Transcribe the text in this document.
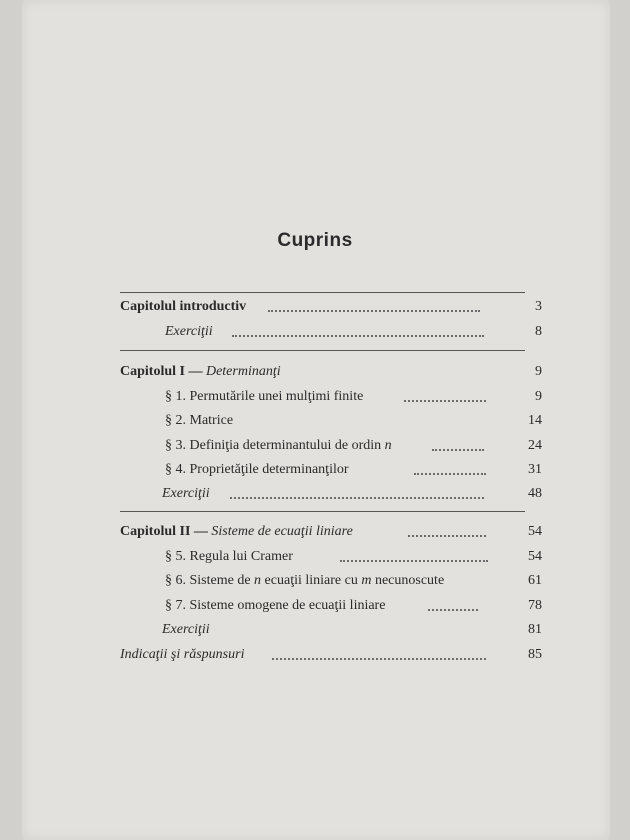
Cuprins
Capitolul introductiv	3
Exerciţii	8
Capitolul I — Determinanţi	9
§ 1. Permutările unei mulţimi finite	9
§ 2. Matrice	14
§ 3. Definiţia determinantului de ordin n	24
§ 4. Proprietăţile determinanţilor	31
Exerciţii	48
Capitolul II — Sisteme de ecuaţii liniare	54
§ 5. Regula lui Cramer	54
§ 6. Sisteme de n ecuaţii liniare cu m necunoscute	61
§ 7. Sisteme omogene de ecuaţii liniare	78
Exerciţii	81
Indicaţii şi răspunsuri	85
